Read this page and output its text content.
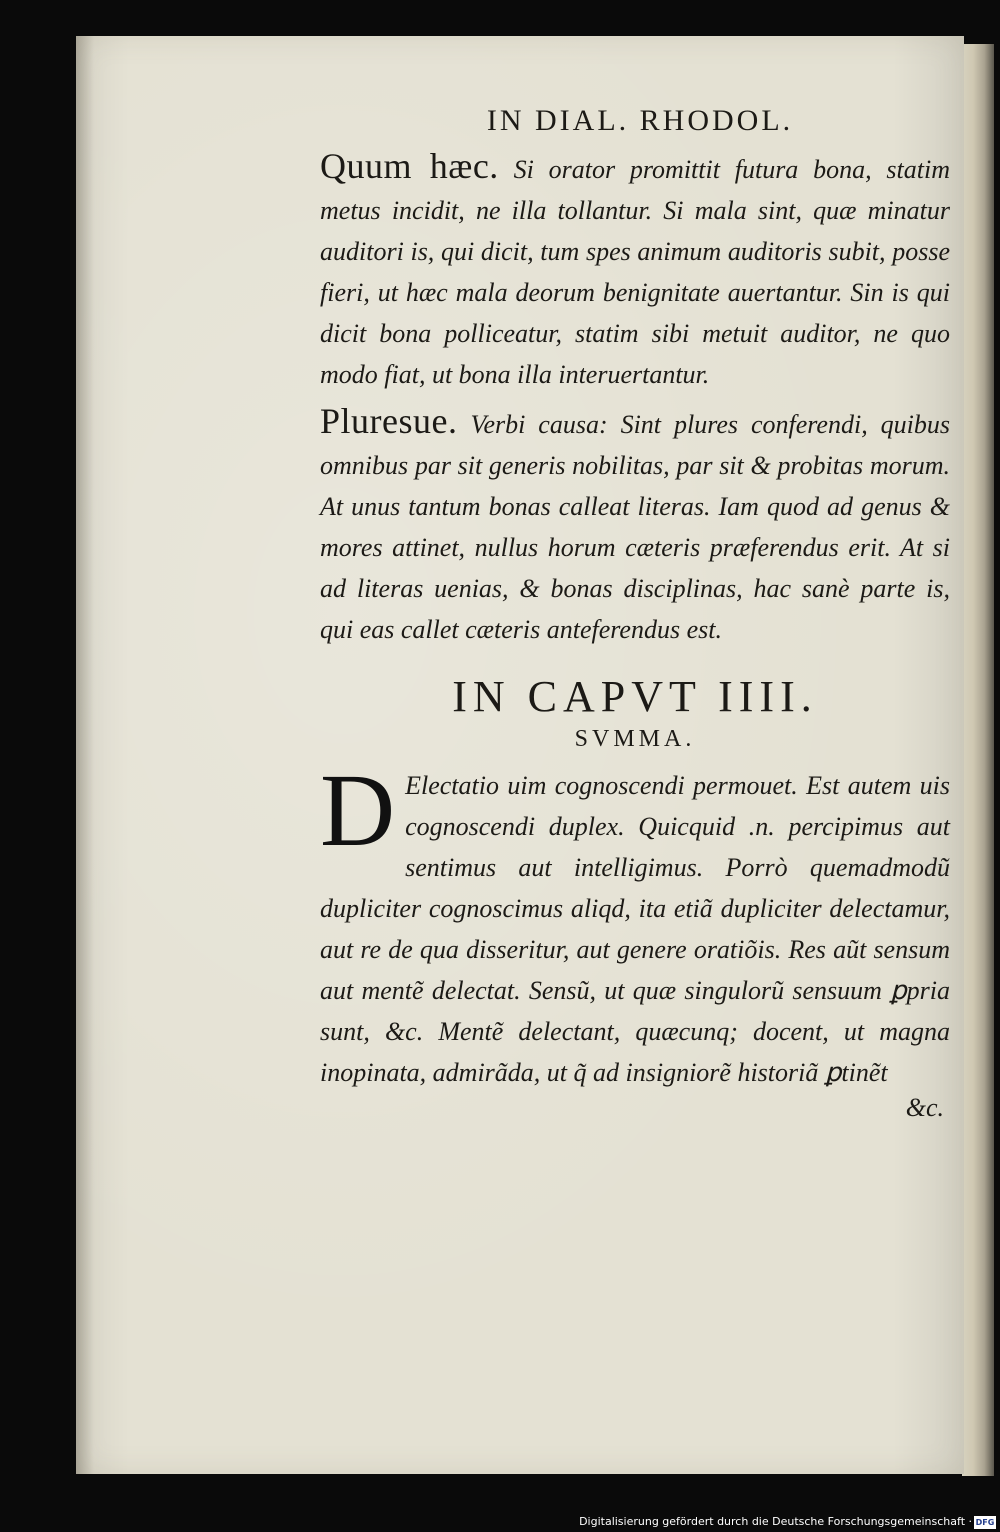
IN DIAL. RHODOL.

Quum hæc. Si orator promittit futura bona, statim metus incidit, ne illa tollantur. Si mala sint, quæ minatur auditori is, qui dicit, tum spes animum auditoris subit, posse fieri, ut hæc mala deorum benignitate auertantur. Sin is qui dicit bona polliceatur, statim sibi metuit auditor, ne quo modo fiat, ut bona illa interuertantur.

Pluresue. Verbi causa: Sint plures conferendi, quibus omnibus par sit generis nobilitas, par sit & probitas morum. At unus tantum bonas calleat literas. Iam quod ad genus & mores attinet, nullus horum cæteris præferendus erit. At si ad literas uenias, & bonas disciplinas, hac sanè parte is, qui eas callet cæteris anteferendus est.

IN CAPVT IIII.
SVMMA.

D Electatio uim cognoscendi permouet. Est autem uis cognoscendi duplex. Quicquid .n. percipimus aut sentimus aut intelligimus. Porrò quemadmodũ dupliciter cognoscimus aliqd, ita etiã dupliciter delectamur, aut re de qua disseritur, aut genere oratiõis. Res aũt sensum aut mentẽ delectat. Sensũ, ut quæ singulorũ sensuum ꝑpria sunt, &c. Mentẽ delectant, quæcunq; docent, ut magna inopinata, admirãda, ut q̃ ad insigniorẽ historiã ꝑtinẽt

&c.

Digitalisierung gefördert durch die Deutsche Forschungsgemeinschaft · DFG
